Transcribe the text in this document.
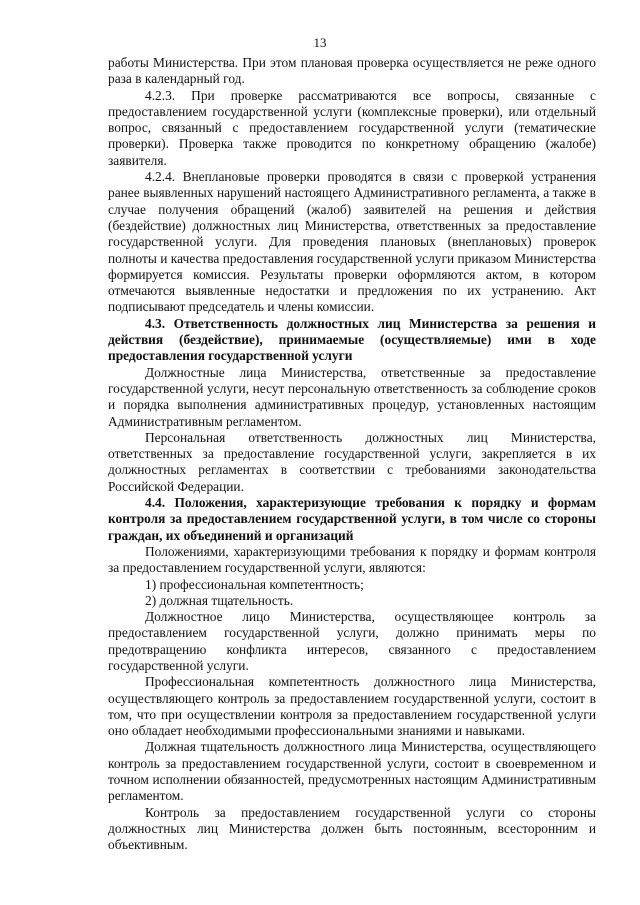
13

работы Министерства. При этом плановая проверка осуществляется не реже одного раза в календарный год.

4.2.3. При проверке рассматриваются все вопросы, связанные с предоставлением государственной услуги (комплексные проверки), или отдельный вопрос, связанный с предоставлением государственной услуги (тематические проверки). Проверка также проводится по конкретному обращению (жалобе) заявителя.

4.2.4. Внеплановые проверки проводятся в связи с проверкой устранения ранее выявленных нарушений настоящего Административного регламента, а также в случае получения обращений (жалоб) заявителей на решения и действия (бездействие) должностных лиц Министерства, ответственных за предоставление государственной услуги. Для проведения плановых (внеплановых) проверок полноты и качества предоставления государственной услуги приказом Министерства формируется комиссия. Результаты проверки оформляются актом, в котором отмечаются выявленные недостатки и предложения по их устранению. Акт подписывают председатель и члены комиссии.

4.3. Ответственность должностных лиц Министерства за решения и действия (бездействие), принимаемые (осуществляемые) ими в ходе предоставления государственной услуги

Должностные лица Министерства, ответственные за предоставление государственной услуги, несут персональную ответственность за соблюдение сроков и порядка выполнения административных процедур, установленных настоящим Административным регламентом.

Персональная ответственность должностных лиц Министерства, ответственных за предоставление государственной услуги, закрепляется в их должностных регламентах в соответствии с требованиями законодательства Российской Федерации.

4.4. Положения, характеризующие требования к порядку и формам контроля за предоставлением государственной услуги, в том числе со стороны граждан, их объединений и организаций

Положениями, характеризующими требования к порядку и формам контроля за предоставлением государственной услуги, являются:

1) профессиональная компетентность;

2) должная тщательность.

Должностное лицо Министерства, осуществляющее контроль за предоставлением государственной услуги, должно принимать меры по предотвращению конфликта интересов, связанного с предоставлением государственной услуги.

Профессиональная компетентность должностного лица Министерства, осуществляющего контроль за предоставлением государственной услуги, состоит в том, что при осуществлении контроля за предоставлением государственной услуги оно обладает необходимыми профессиональными знаниями и навыками.

Должная тщательность должностного лица Министерства, осуществляющего контроль за предоставлением государственной услуги, состоит в своевременном и точном исполнении обязанностей, предусмотренных настоящим Административным регламентом.

Контроль за предоставлением государственной услуги со стороны должностных лиц Министерства должен быть постоянным, всесторонним и объективным.
